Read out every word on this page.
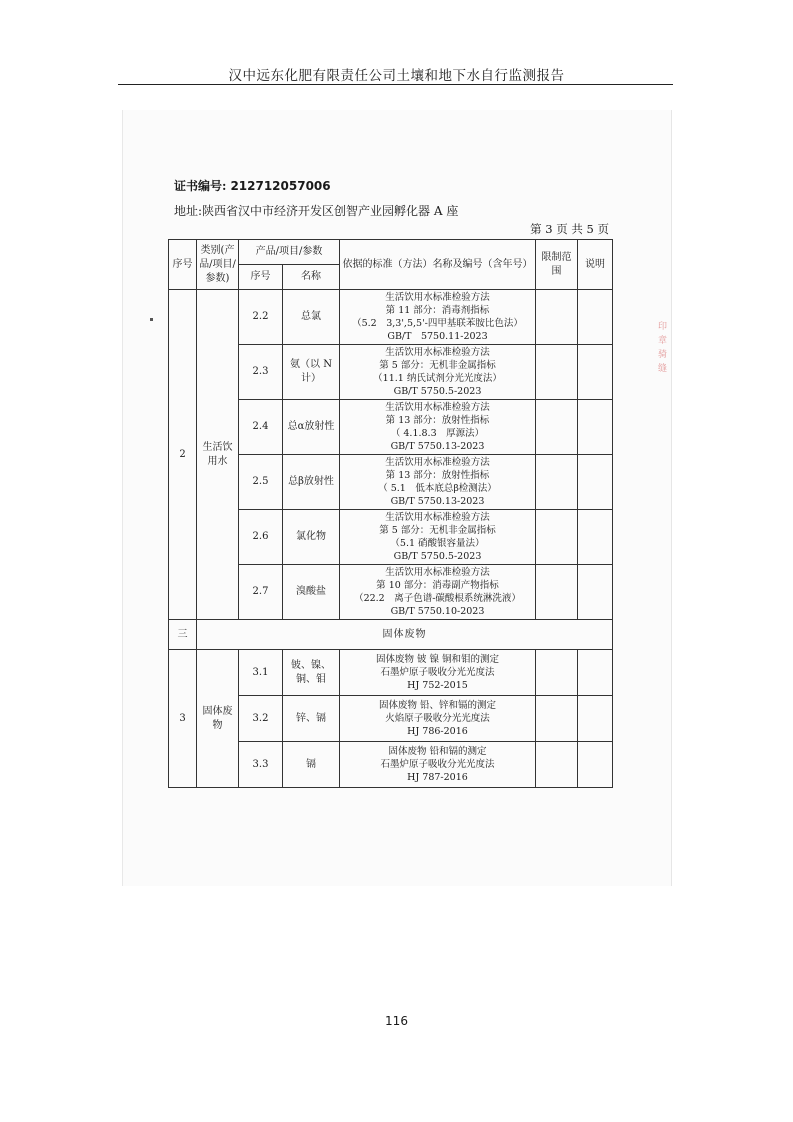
汉中远东化肥有限责任公司土壤和地下水自行监测报告
印
章
骑
缝
证书编号: 212712057006
地址:陕西省汉中市经济开发区创智产业园孵化器 A 座
第 3 页 共 5 页
序号	类别(产品/项目/参数)	产品/项目/参数		依据的标准（方法）名称及编号（含年号）	限制范围	说明
		序号	名称			
2	生活饮用水	2.2	总氯	生活饮用水标准检验方法
第 11 部分：消毒剂指标
（5.2　3,3',5,5'-四甲基联苯胺比色法）
GB/T　5750.11-2023		

		2.3	氨（以 N 计）	生活饮用水标准检验方法
第 5 部分：无机非金属指标
（11.1 纳氏试剂分光光度法）
GB/T 5750.5-2023		

		2.4	总α放射性	生活饮用水标准检验方法
第 13 部分：放射性指标
（ 4.1.8.3　厚源法）
GB/T 5750.13-2023		

		2.5	总β放射性	生活饮用水标准检验方法
第 13 部分：放射性指标
（ 5.1　低本底总β检测法）
GB/T 5750.13-2023		

		2.6	氯化物	生活饮用水标准检验方法
第 5 部分：无机非金属指标
（5.1 硝酸银容量法）
GB/T 5750.5-2023		

		2.7	溴酸盐	生活饮用水标准检验方法
第 10 部分：消毒副产物指标
（22.2　离子色谱-碳酸根系统淋洗液）
GB/T 5750.10-2023		

三	固体废物					
3	固体废物	3.1	铍、镍、铜、钼	固体废物 铍 镍 铜和钼的测定
石墨炉原子吸收分光光度法
HJ 752-2015		

		3.2	锌、镉	固体废物 铅、锌和镉的测定
火焰原子吸收分光光度法
HJ 786-2016		

		3.3	镉	固体废物 铅和镉的测定
石墨炉原子吸收分光光度法
HJ 787-2016		

116
